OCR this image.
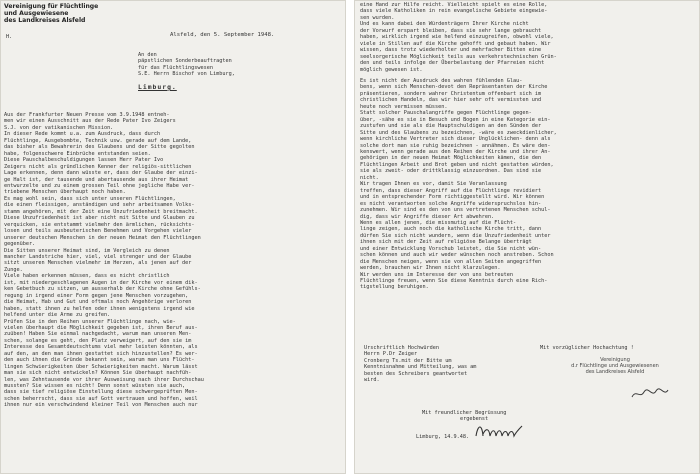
Vereinigung für Flüchtlinge
und Ausgewiesene
des Landkreises Alsfeld
H.	Alsfeld, den 5. September 1948.
An den
päpstlichen Sonderbeauftragten
für das Flüchtlingswesen
S.E. Herrn Bischof von Limburg,
Limburg.
Aus der Frankfurter Neuen Presse vom 3.9.1948 entneh-
men wir einen Ausschnitt aus der Rede Pater Ivo Zeigers
S.J. von der vatikanischen Mission.
In dieser Rede kommt u.a. zum Ausdruck, dass durch
Flüchtlinge, Ausgebombte, Technik usw. gerade auf dem Lande,
das bisher als Bewahrerin des Glaubens und der Sitte gegolten
habe, folgenschwere Einbrüche entstanden seien.
Diese Pauschalbeschuldigungen lassen Herr Pater Ivo
Zeigers nicht als gründlichen Kenner der religiös-sittlichen
Lage erkennen, denn dann wüsste er, dass der Glaube der einzi-
ge Halt ist, der tausende und abertausende aus ihrer Heimat
entwurzelte und zu einem grossen Teil ohne jegliche Habe ver-
triebene Menschen überhaupt noch haben.
Es mag wohl sein, dass sich unter unseren Flüchtlingen,
die einen fleissigen, anständigen und sehr arbeitsamen Volks-
stamm angehören, mit der Zeit eine Unzufriedenheit breitmacht.
Diese Unzufriedenheit ist aber nicht mit Sitte und Glauben zu
verquicken, sie entstammt vielmehr den ärmlichen, rücksichts-
losen und teils ausbeuterischen Benehmen und Vorgehen vieler
unserer deutschen Menschen in der neuen Heimat den Flüchtlingen
gegenüber.
Die Sitten unserer Heimat sind, im Vergleich zu denen
mancher Landstriche hier, viel, viel strenger und der Glaube
sitzt unseren Menschen vielmehr im Herzen, als jenen auf der
Zunge.
Viele haben erkennen müssen, dass es nicht christlich
ist, mit niedergeschlagenen Augen in der Kirche vor einem dik-
ken Gebetbuch zu sitzen, um ausserhalb der Kirche ohne Gefühls-
regung in irgend einer Form gegen jene Menschen vorzugehen,
die Heimat, Hab und Gut und oftmals noch Angehörige verloren
haben, statt ihnen zu helfen oder ihnen wenigstens irgend wie
helfend unter die Arme zu greifen.
Prüfen Sie in den Reihen unserer Flüchtlinge nach, wie-
vielen überhaupt die Möglichkeit gegeben ist, ihren Beruf aus-
zuüben! Haben Sie einmal nachgedacht, warum man unseren Men-
schen, solange es geht, den Platz verweigert, auf den sie im
Interesse des Gesamtdeutschtums viel mehr leisten könnten, als
auf den, an den man ihnen gestattet sich hinzustellen? Es wer-
den auch ihnen die Gründe bekannt sein, warum man uns Flücht-
lingen Schwierigkeiten über Schwierigkeiten macht. Warum lässt
man sie sich nicht entwickeln? Können Sie überhaupt nachfüh-
len, was Zehntausende vor ihrer Ausweisung nach ihrer Durchschau
mussten? Sie wissen es nicht! Denn sonst wüssten sie auch,
dass sie tief religiöse Einstellung diese schwergeprüften Men-
schen beherrscht, dass sie auf Gott vertrauen und hoffen, weil
ihnen nur ein verschwindend kleiner Teil von Menschen auch nur
eine Hand zur Hilfe reicht. Vielleicht spielt es eine Rolle,
dass viele Katholiken in rein evangelische Gebiete eingewie-
sen wurden.
Und es kann dabei den Würdenträgern Ihrer Kirche nicht
der Vorwurf erspart bleiben, dass sie sehr lange gebraucht
haben, wirklich irgend wie helfend einzugreifen, obwohl viele,
viele in Stillen auf die Kirche gehofft und gebaut haben. Wir
wissen, dass trotz wiederholter und mehrfacher Bitten eine
seelsorgerische Möglichkeit teils aus verkehrstechnischen Grün-
den und teils infolge der Überbelastung der Pfarreien nicht
möglich gewesen ist.
Es ist nicht der Ausdruck des wahren fühlenden Glau-
bens, wenn sich Menschen-devot den Repräsentanten der Kirche
präsentieren, sondern wahrer Christentum offenbart sich im
christlichen Handeln, das wir hier sehr oft vermissten und
heute noch vermissen müssen.
Statt solcher Pauschalangriffe gegen Flüchtlinge gegen-
über, -sähe es sie in Besuch und Bogen in eine Kategorie ein-
zustufen und sie als die Hauptschuldigen an den Sünden der
Sitte und des Glaubens zu bezeichnen, -wäre es zweckdienlicher,
wenn kirchliche Vertreter sich dieser Unglücklichen- denn als
solche dort man sie ruhig bezeichnen - annähmen. Es wäre den-
kenswert, wenn gerade aus den Reihen der Kirche und ihrer An-
gehörigen in der neuen Heimat Möglichkeiten kämen, die den
Flüchtlingen Arbeit und Brot geben und nicht gestatten würden,
sie als zweit- oder drittklassig einzuordnen. Das sind sie
nicht.
Wir tragen Ihnen es vor, damit Sie Veranlassung
treffen, dass dieser Angriff auf die Flüchtlinge revidiert
und in entsprechender Form richtiggestellt wird. Wir können
es nicht verantworten solche Angriffe widerspruchslos hin-
zunehmen. Wir sind es den von uns vertretenen Menschen schul-
dig, dass wir Angriffe dieser Art abwehren.
Wenn es allen jenen, die missmutig auf die Flücht-
linge zeigen, auch noch die katholische Kirche tritt, dann
dürfen Sie sich nicht wundern, wenn die Unzufriedenheit unter
ihnen sich mit der Zeit auf religiöse Belange überträgt
und einer Entwicklung Vorschub leistet, die Sie nicht wün-
schen können und auch wir weder wünschen noch anstreben. Schon
die Menschen neigen, wenn sie von allen Seiten angegriffen
werden, brauchen wir Ihnen nicht klarzulegen.
Wir werden uns im Interesse der von uns betreuten
Flüchtlinge freuen, wenn Sie diese Kenntnis durch eine Rich-
tigstellung beruhigen.
Urschriftlich Hochwürden
Herrn P.Dr Zeiger
Cronberg Ts.mit der Bitte um
Kenntnisnahme und Mitteilung, was am
besten des Schreibers geantwortet
wird.
Mit vorzüglicher Hochachtung !
Vereinigung
d.r Flüchtlinge und Ausgewiesenen
des Landkreises Alsfeld
Mit freundlicher Begrüssung
ergebenst
Limburg, 14.9.48.
